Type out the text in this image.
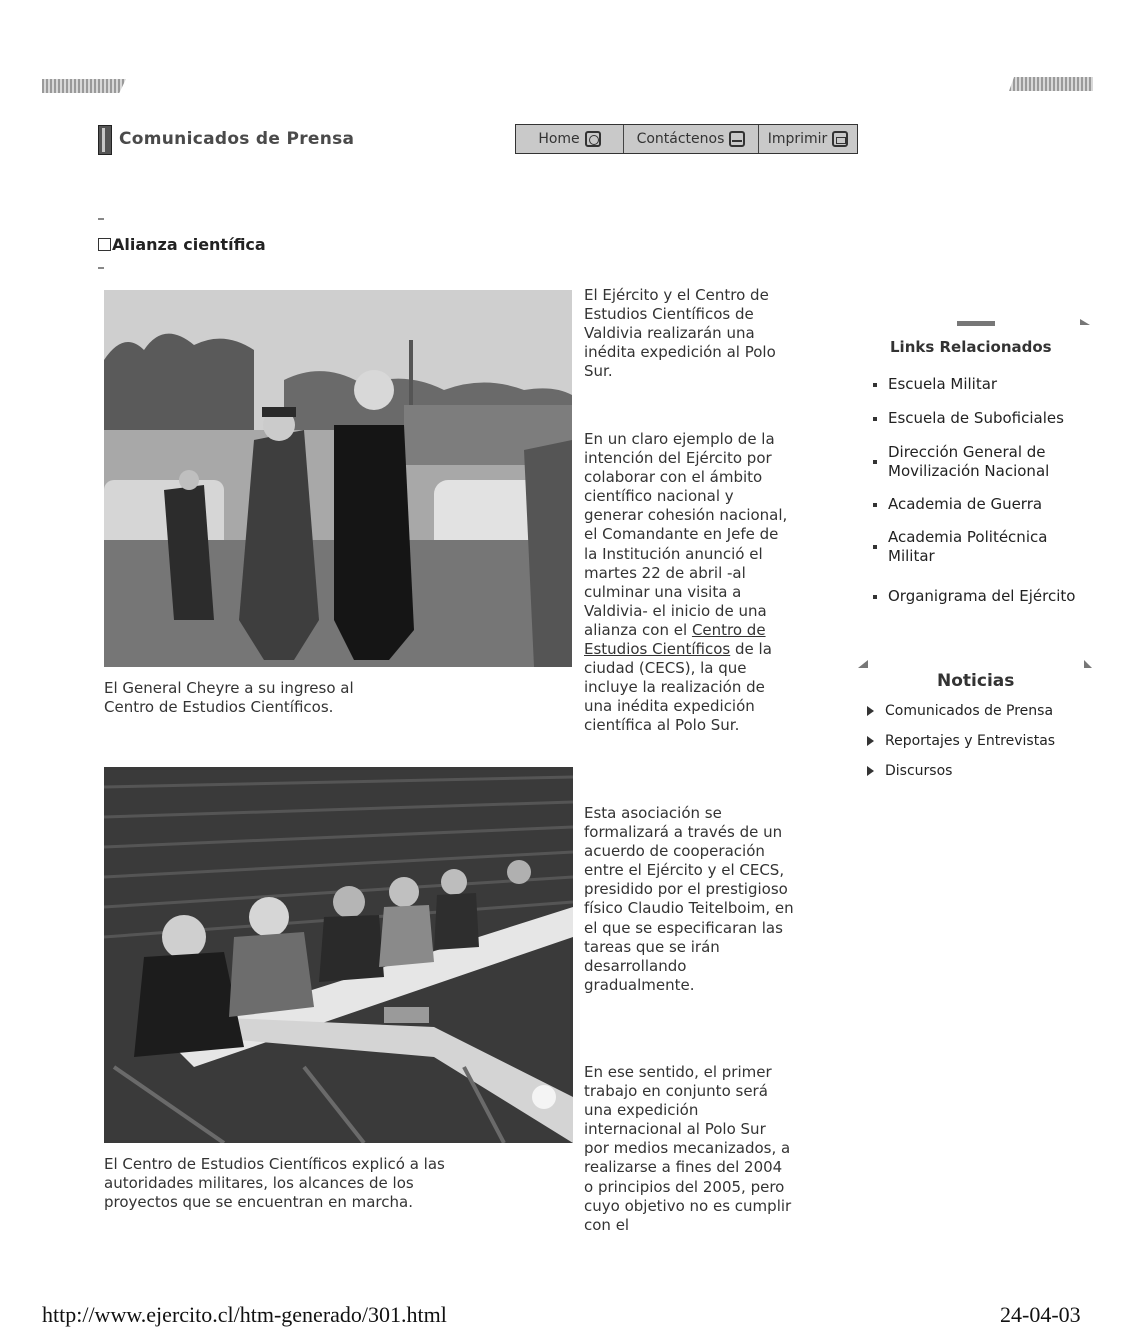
Comunicados de Prensa	Home	Contáctenos	Imprimir
Alianza científica
El General Cheyre a su ingreso al Centro de Estudios Científicos.
El Centro de Estudios Científicos explicó a las autoridades militares, los alcances de los proyectos que se encuentran en marcha.
El Ejército y el Centro de Estudios Científicos de Valdivia realizarán una inédita expedición al Polo Sur.
En un claro ejemplo de la intención del Ejército por colaborar con el ámbito científico nacional y generar cohesión nacional, el Comandante en Jefe de la Institución anunció el martes 22 de abril -al culminar una visita a Valdivia- el inicio de una alianza con el Centro de Estudios Científicos de la ciudad (CECS), la que incluye la realización de una inédita expedición científica al Polo Sur.
Esta asociación se formalizará a través de un acuerdo de cooperación entre el Ejército y el CECS, presidido por el prestigioso físico Claudio Teitelboim, en el que se especificaran las tareas que se irán desarrollando gradualmente.
En ese sentido, el primer trabajo en conjunto será una expedición internacional al Polo Sur por medios mecanizados, a realizarse a fines del 2004 o principios del 2005, pero cuyo objetivo no es cumplir con el
Links Relacionados
Escuela Militar
Escuela de Suboficiales
Dirección General de Movilización Nacional
Academia de Guerra
Academia Politécnica Militar
Organigrama del Ejército
Noticias
Comunicados de Prensa
Reportajes y Entrevistas
Discursos
http://www.ejercito.cl/htm-generado/301.html	24-04-03
